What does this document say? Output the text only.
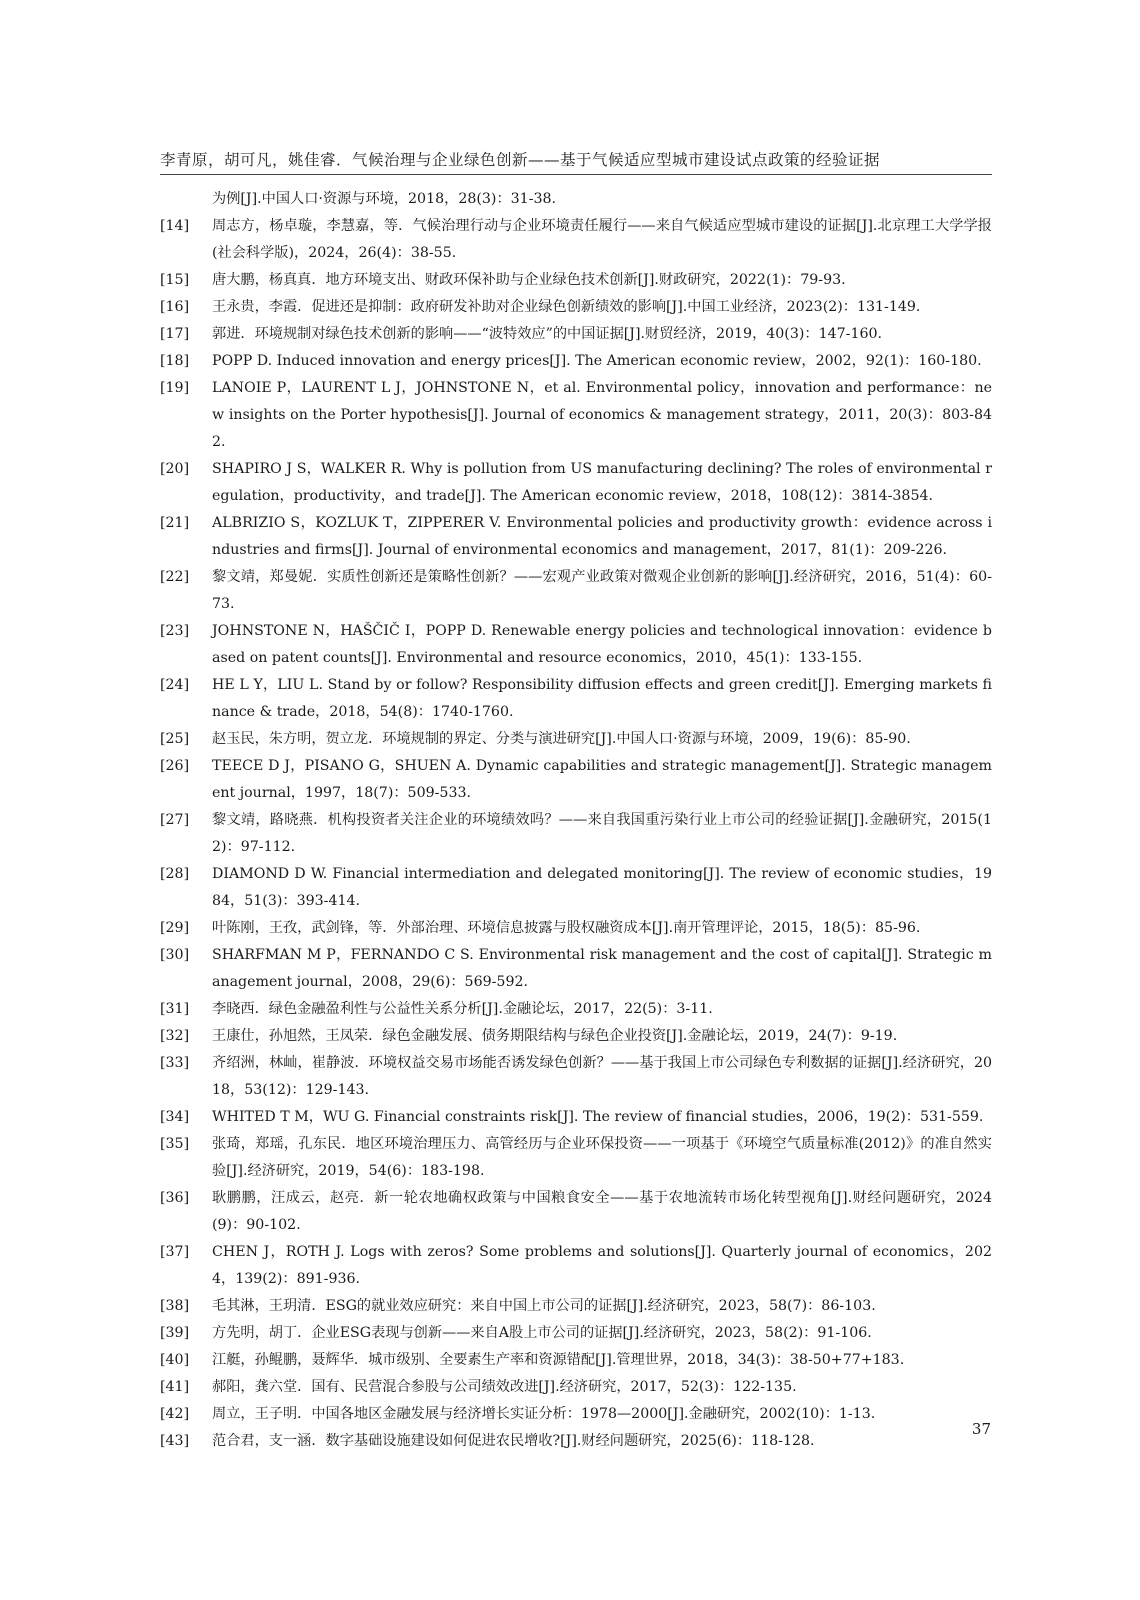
李青原，胡可凡，姚佳睿．气候治理与企业绿色创新——基于气候适应型城市建设试点政策的经验证据
为例[J].中国人口·资源与环境，2018，28(3)：31-38.
[14]	周志方，杨卓璇，李慧嘉，等．气候治理行动与企业环境责任履行——来自气候适应型城市建设的证据[J].北京理工大学学报(社会科学版)，2024，26(4)：38-55.
[15]	唐大鹏，杨真真．地方环境支出、财政环保补助与企业绿色技术创新[J].财政研究，2022(1)：79-93.
[16]	王永贵，李霞．促进还是抑制：政府研发补助对企业绿色创新绩效的影响[J].中国工业经济，2023(2)：131-149.
[17]	郭进．环境规制对绿色技术创新的影响——“波特效应”的中国证据[J].财贸经济，2019，40(3)：147-160.
[18]	POPP D. Induced innovation and energy prices[J]. The American economic review，2002，92(1)：160-180.
[19]	LANOIE P，LAURENT L J，JOHNSTONE N，et al. Environmental policy，innovation and performance：new insights on the Porter hypothesis[J]. Journal of economics & management strategy，2011，20(3)：803-842.
[20]	SHAPIRO J S，WALKER R. Why is pollution from US manufacturing declining? The roles of environmental regulation，productivity，and trade[J]. The American economic review，2018，108(12)：3814-3854.
[21]	ALBRIZIO S，KOZLUK T，ZIPPERER V. Environmental policies and productivity growth：evidence across industries and firms[J]. Journal of environmental economics and management，2017，81(1)：209-226.
[22]	黎文靖，郑曼妮．实质性创新还是策略性创新？——宏观产业政策对微观企业创新的影响[J].经济研究，2016，51(4)：60-73.
[23]	JOHNSTONE N，HAŠČIČ I，POPP D. Renewable energy policies and technological innovation：evidence based on patent counts[J]. Environmental and resource economics，2010，45(1)：133-155.
[24]	HE L Y，LIU L. Stand by or follow? Responsibility diffusion effects and green credit[J]. Emerging markets finance & trade，2018，54(8)：1740-1760.
[25]	赵玉民，朱方明，贺立龙．环境规制的界定、分类与演进研究[J].中国人口·资源与环境，2009，19(6)：85-90.
[26]	TEECE D J，PISANO G，SHUEN A. Dynamic capabilities and strategic management[J]. Strategic management journal，1997，18(7)：509-533.
[27]	黎文靖，路晓燕．机构投资者关注企业的环境绩效吗？——来自我国重污染行业上市公司的经验证据[J].金融研究，2015(12)：97-112.
[28]	DIAMOND D W. Financial intermediation and delegated monitoring[J]. The review of economic studies，1984，51(3)：393-414.
[29]	叶陈刚，王孜，武剑锋，等．外部治理、环境信息披露与股权融资成本[J].南开管理评论，2015，18(5)：85-96.
[30]	SHARFMAN M P，FERNANDO C S. Environmental risk management and the cost of capital[J]. Strategic management journal，2008，29(6)：569-592.
[31]	李晓西．绿色金融盈利性与公益性关系分析[J].金融论坛，2017，22(5)：3-11.
[32]	王康仕，孙旭然，王凤荣．绿色金融发展、债务期限结构与绿色企业投资[J].金融论坛，2019，24(7)：9-19.
[33]	齐绍洲，林屾，崔静波．环境权益交易市场能否诱发绿色创新？——基于我国上市公司绿色专利数据的证据[J].经济研究，2018，53(12)：129-143.
[34]	WHITED T M，WU G. Financial constraints risk[J]. The review of financial studies，2006，19(2)：531-559.
[35]	张琦，郑瑶，孔东民．地区环境治理压力、高管经历与企业环保投资——一项基于《环境空气质量标准(2012)》的准自然实验[J].经济研究，2019，54(6)：183-198.
[36]	耿鹏鹏，汪成云，赵亮．新一轮农地确权政策与中国粮食安全——基于农地流转市场化转型视角[J].财经问题研究，2024(9)：90-102.
[37]	CHEN J，ROTH J. Logs with zeros? Some problems and solutions[J]. Quarterly journal of economics，2024，139(2)：891-936.
[38]	毛其淋，王玥清．ESG的就业效应研究：来自中国上市公司的证据[J].经济研究，2023，58(7)：86-103.
[39]	方先明，胡丁．企业ESG表现与创新——来自A股上市公司的证据[J].经济研究，2023，58(2)：91-106.
[40]	江艇，孙鲲鹏，聂辉华．城市级别、全要素生产率和资源错配[J].管理世界，2018，34(3)：38-50+77+183.
[41]	郝阳，龚六堂．国有、民营混合参股与公司绩效改进[J].经济研究，2017，52(3)：122-135.
[42]	周立，王子明．中国各地区金融发展与经济增长实证分析：1978—2000[J].金融研究，2002(10)：1-13.
[43]	范合君，支一涵．数字基础设施建设如何促进农民增收?[J].财经问题研究，2025(6)：118-128.
37
